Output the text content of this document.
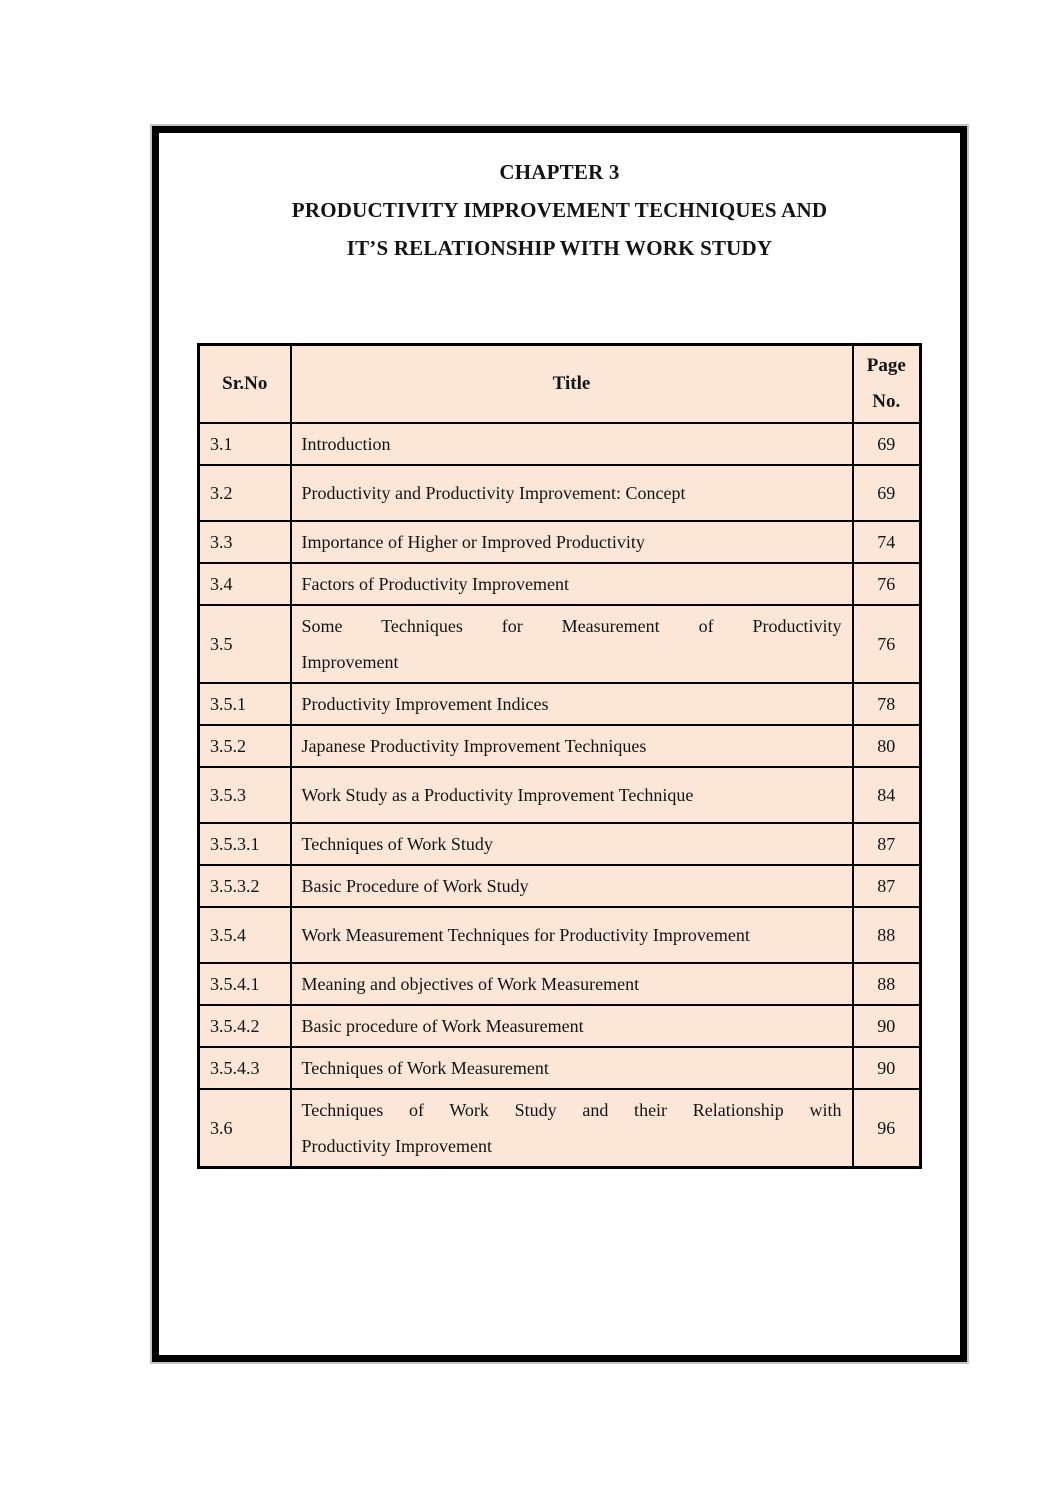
CHAPTER 3
PRODUCTIVITY IMPROVEMENT TECHNIQUES AND
IT’S RELATIONSHIP WITH WORK STUDY
Sr.No	Title	Page No.
3.1	Introduction	69
3.2	Productivity and Productivity Improvement: Concept	69
3.3	Importance of Higher or Improved Productivity	74
3.4	Factors of Productivity Improvement	76
3.5	Some Techniques for Measurement of Productivity
Improvement	76
3.5.1	Productivity Improvement Indices	78
3.5.2	Japanese Productivity Improvement Techniques	80
3.5.3	Work Study as a Productivity Improvement Technique	84
3.5.3.1	Techniques of Work Study	87
3.5.3.2	Basic Procedure of Work Study	87
3.5.4	Work Measurement Techniques for Productivity Improvement	88
3.5.4.1	Meaning and objectives of Work Measurement	88
3.5.4.2	Basic procedure of Work Measurement	90
3.5.4.3	Techniques of Work Measurement	90
3.6	Techniques of Work Study and their Relationship with
Productivity Improvement	96
